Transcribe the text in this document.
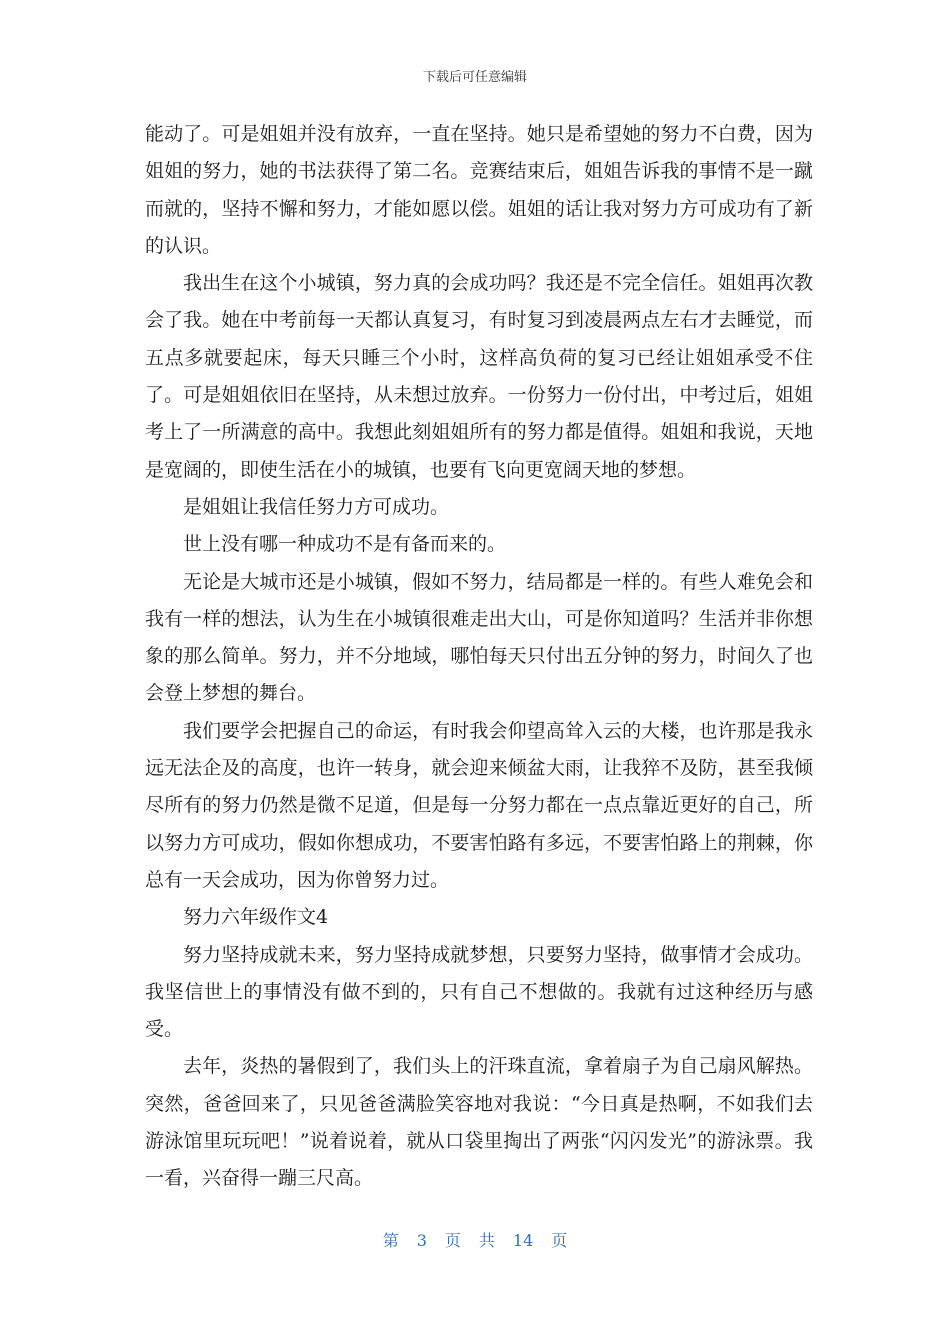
下载后可任意编辑

能动了。可是姐姐并没有放弃，一直在坚持。她只是希望她的努力不白费，因为姐姐的努力，她的书法获得了第二名。竞赛结束后，姐姐告诉我的事情不是一蹴而就的，坚持不懈和努力，才能如愿以偿。姐姐的话让我对努力方可成功有了新的认识。

我出生在这个小城镇，努力真的会成功吗？我还是不完全信任。姐姐再次教会了我。她在中考前每一天都认真复习，有时复习到凌晨两点左右才去睡觉，而五点多就要起床，每天只睡三个小时，这样高负荷的复习已经让姐姐承受不住了。可是姐姐依旧在坚持，从未想过放弃。一份努力一份付出，中考过后，姐姐考上了一所满意的高中。我想此刻姐姐所有的努力都是值得。姐姐和我说，天地是宽阔的，即使生活在小的城镇，也要有飞向更宽阔天地的梦想。

是姐姐让我信任努力方可成功。

世上没有哪一种成功不是有备而来的。

无论是大城市还是小城镇，假如不努力，结局都是一样的。有些人难免会和我有一样的想法，认为生在小城镇很难走出大山，可是你知道吗？生活并非你想象的那么简单。努力，并不分地域，哪怕每天只付出五分钟的努力，时间久了也会登上梦想的舞台。

我们要学会把握自己的命运，有时我会仰望高耸入云的大楼，也许那是我永远无法企及的高度，也许一转身，就会迎来倾盆大雨，让我猝不及防，甚至我倾尽所有的努力仍然是微不足道，但是每一分努力都在一点点靠近更好的自己，所以努力方可成功，假如你想成功，不要害怕路有多远，不要害怕路上的荆棘，你总有一天会成功，因为你曾努力过。

努力六年级作文4

努力坚持成就未来，努力坚持成就梦想，只要努力坚持，做事情才会成功。我坚信世上的事情没有做不到的，只有自己不想做的。我就有过这种经历与感受。

去年，炎热的暑假到了，我们头上的汗珠直流，拿着扇子为自己扇风解热。突然，爸爸回来了，只见爸爸满脸笑容地对我说：“今日真是热啊，不如我们去游泳馆里玩玩吧！”说着说着，就从口袋里掏出了两张“闪闪发光”的游泳票。我一看，兴奋得一蹦三尺高。

第 3 页 共 14 页
